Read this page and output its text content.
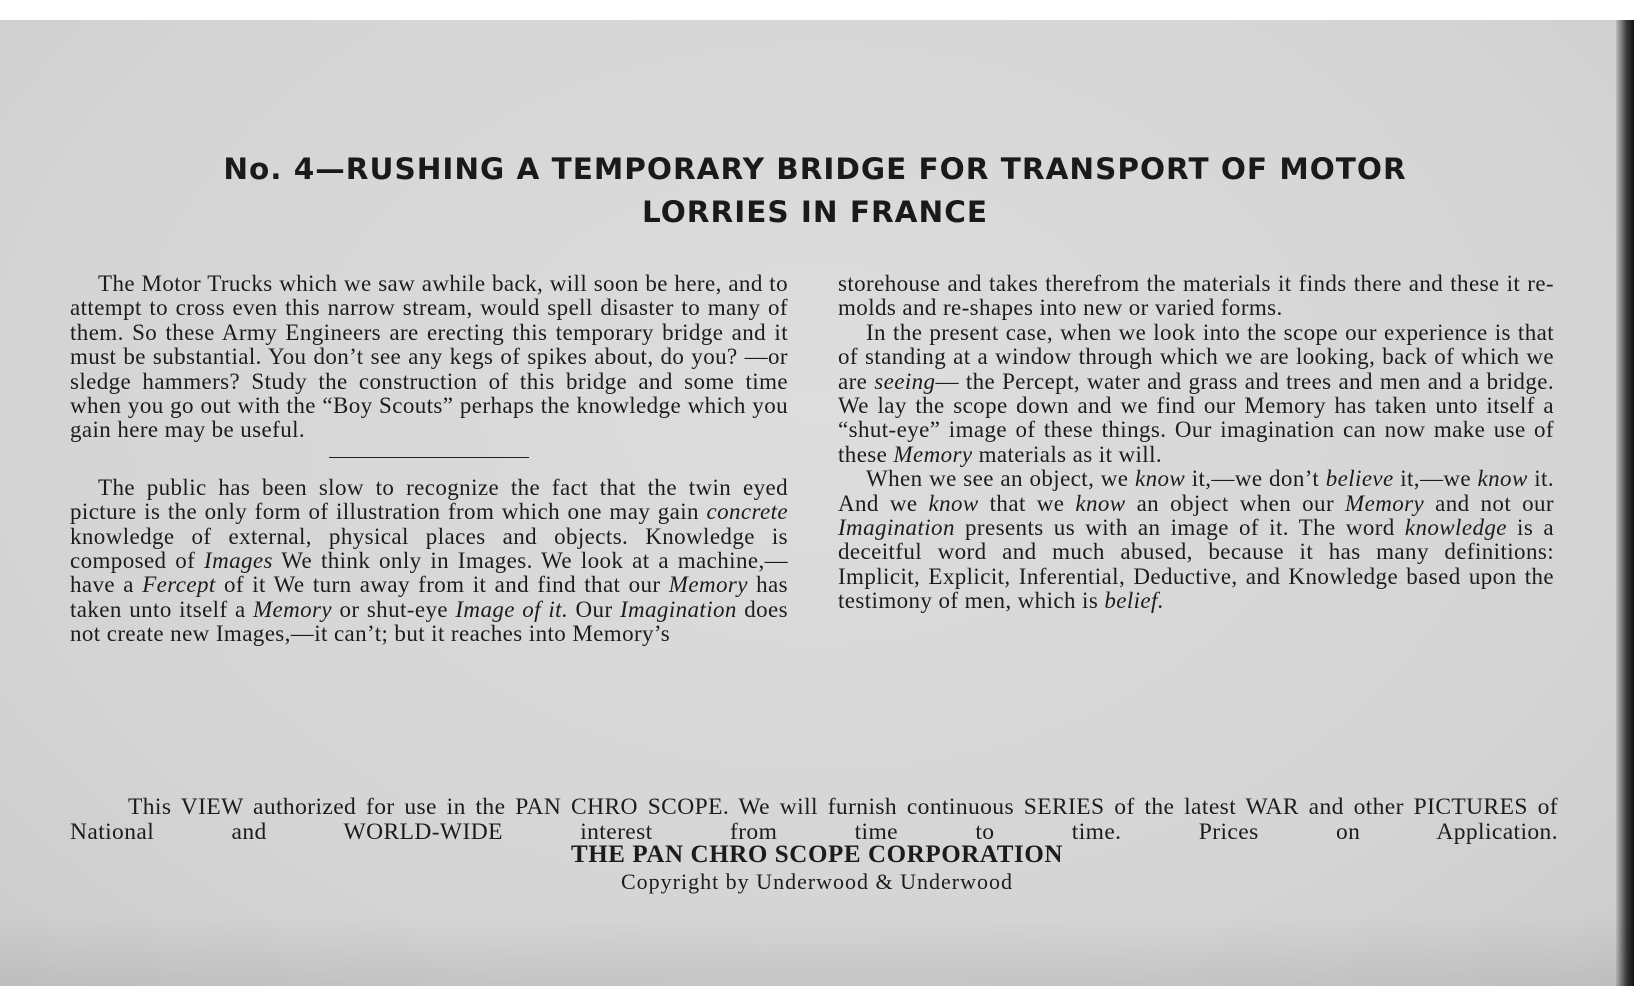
No. 4—RUSHING A TEMPORARY BRIDGE FOR TRANSPORT OF MOTOR
LORRIES IN FRANCE

The Motor Trucks which we saw awhile back, will soon be here, and to attempt to cross even this narrow stream, would spell disaster to many of them. So these Army Engineers are erecting this temporary bridge and it must be substantial. You don’t see any kegs of spikes about, do you? —or sledge hammers? Study the construction of this bridge and some time when you go out with the “Boy Scouts” perhaps the knowledge which you gain here may be useful.

The public has been slow to recognize the fact that the twin eyed picture is the only form of illustration from which one may gain concrete knowledge of external, physical places and objects. Knowledge is composed of Images We think only in Images. We look at a machine,—have a Fercept of it We turn away from it and find that our Memory has taken unto itself a Memory or shut-eye Image of it. Our Imagination does not create new Images,—it can’t; but it reaches into Memory’s

storehouse and takes therefrom the materials it finds there and these it re-molds and re-shapes into new or varied forms.

In the present case, when we look into the scope our experience is that of standing at a window through which we are looking, back of which we are seeing— the Percept, water and grass and trees and men and a bridge. We lay the scope down and we find our Memory has taken unto itself a “shut-eye” image of these things. Our imagination can now make use of these Memory materials as it will.

When we see an object, we know it,—we don’t believe it,—we know it. And we know that we know an object when our Memory and not our Imagination presents us with an image of it. The word knowledge is a deceitful word and much abused, because it has many definitions: Implicit, Explicit, Inferential, Deductive, and Knowledge based upon the testimony of men, which is belief.

This VIEW authorized for use in the PAN CHRO SCOPE. We will furnish continuous SERIES of the latest WAR and other PICTURES of National and WORLD-WIDE interest from time to time. Prices on Application.

THE PAN CHRO SCOPE CORPORATION

Copyright by Underwood & Underwood
